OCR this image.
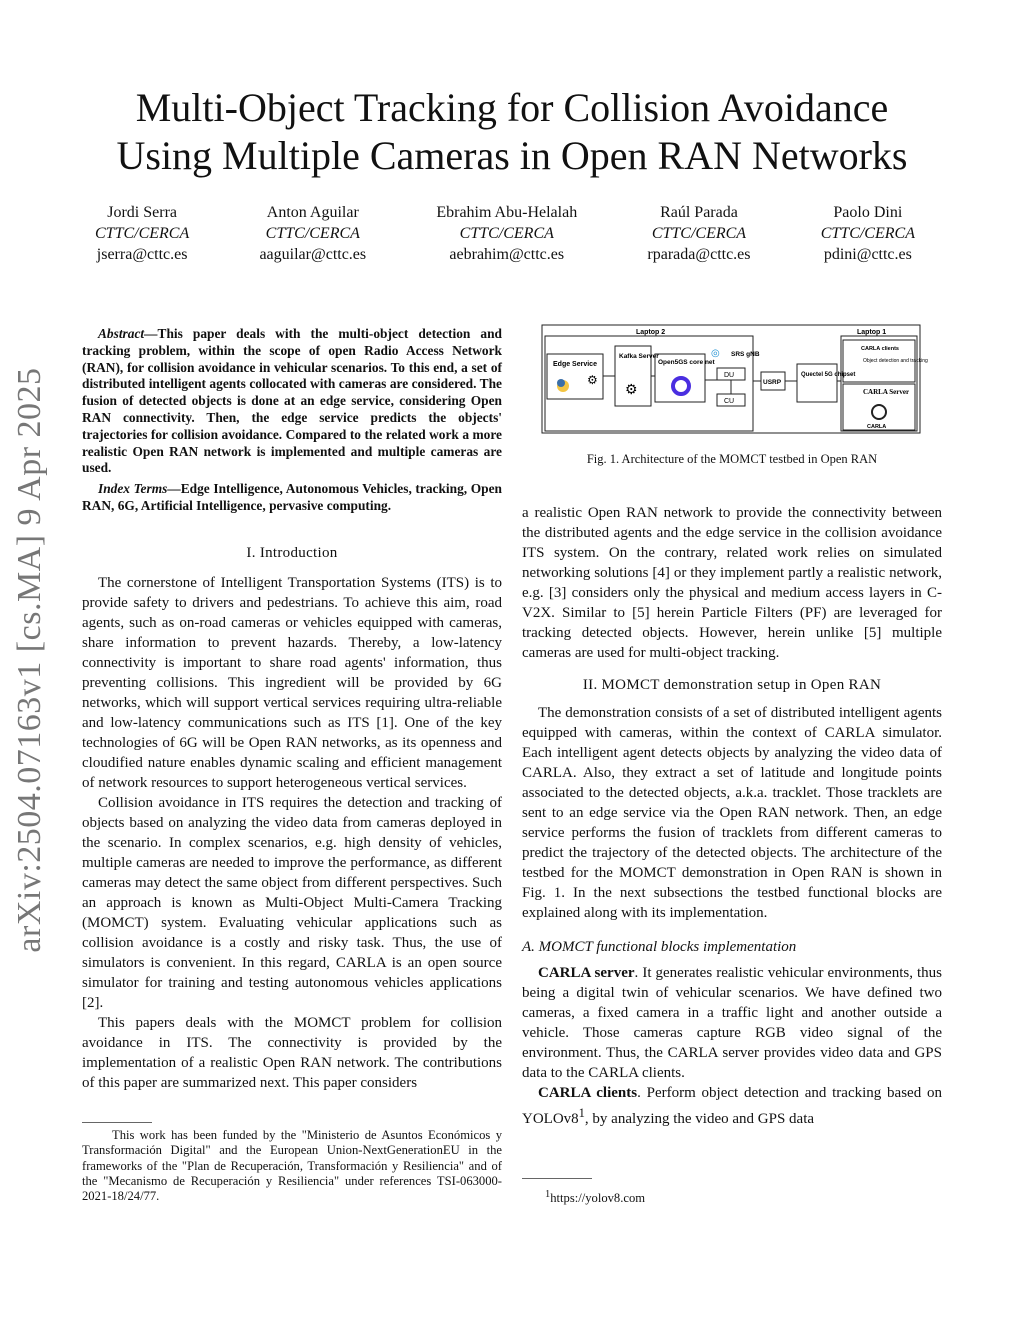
arXiv:2504.07163v1 [cs.MA] 9 Apr 2025
Multi-Object Tracking for Collision Avoidance
Using Multiple Cameras in Open RAN Networks
Jordi Serra
CTTC/CERCA
jserra@cttc.es
Anton Aguilar
CTTC/CERCA
aaguilar@cttc.es
Ebrahim Abu-Helalah
CTTC/CERCA
aebrahim@cttc.es
Raúl Parada
CTTC/CERCA
rparada@cttc.es
Paolo Dini
CTTC/CERCA
pdini@cttc.es

Abstract—This paper deals with the multi-object detection and tracking problem, within the scope of open Radio Access Network (RAN), for collision avoidance in vehicular scenarios. To this end, a set of distributed intelligent agents collocated with cameras are considered. The fusion of detected objects is done at an edge service, considering Open RAN connectivity. Then, the edge service predicts the objects' trajectories for collision avoidance. Compared to the related work a more realistic Open RAN network is implemented and multiple cameras are used.

Index Terms—Edge Intelligence, Autonomous Vehicles, tracking, Open RAN, 6G, Artificial Intelligence, pervasive computing.

I. Introduction

The cornerstone of Intelligent Transportation Systems (ITS) is to provide safety to drivers and pedestrians. To achieve this aim, road agents, such as on-road cameras or vehicles equipped with cameras, share information to prevent hazards. Thereby, a low-latency connectivity is important to share road agents' information, thus preventing collisions. This ingredient will be provided by 6G networks, which will support vertical services requiring ultra-reliable and low-latency communications such as ITS [1]. One of the key technologies of 6G will be Open RAN networks, as its openness and cloudified nature enables dynamic scaling and efficient management of network resources to support heterogeneous vertical services.

Collision avoidance in ITS requires the detection and tracking of objects based on analyzing the video data from cameras deployed in the scenario. In complex scenarios, e.g. high density of vehicles, multiple cameras are needed to improve the performance, as different cameras may detect the same object from different perspectives. Such an approach is known as Multi-Object Multi-Camera Tracking (MOMCT) system. Evaluating vehicular applications such as collision avoidance is a costly and risky task. Thus, the use of simulators is convenient. In this regard, CARLA is an open source simulator for training and testing autonomous vehicles applications [2].

This papers deals with the MOMCT problem for collision avoidance in ITS. The connectivity is provided by the implementation of a realistic Open RAN network. The contributions of this paper are summarized next. This paper considers

This work has been funded by the "Ministerio de Asuntos Económicos y Transformación Digital" and the European Union-NextGenerationEU in the frameworks of the "Plan de Recuperación, Transformación y Resiliencia" and of the "Mecanismo de Recuperación y Resiliencia" under references TSI-063000-2021-18/24/77.

Laptop 2
Edge Service
⚙
Kafka Server
⚙
Open5GS core net
◎ SRS gNB
DU
CU
USRP
Quectel 5G chipset
Laptop 1
CARLA clients
Object detection and tracking
CARLA Server
CARLA
Fig. 1. Architecture of the MOMCT testbed in Open RAN

a realistic Open RAN network to provide the connectivity between the distributed agents and the edge service in the collision avoidance ITS system. On the contrary, related work relies on simulated networking solutions [4] or they implement partly a realistic network, e.g. [3] considers only the physical and medium access layers in C-V2X. Similar to [5] herein Particle Filters (PF) are leveraged for tracking detected objects. However, herein unlike [5] multiple cameras are used for multi-object tracking.

II. MOMCT demonstration setup in Open RAN

The demonstration consists of a set of distributed intelligent agents equipped with cameras, within the context of CARLA simulator. Each intelligent agent detects objects by analyzing the video data of CARLA. Also, they extract a set of latitude and longitude points associated to the detected objects, a.k.a. tracklet. Those tracklets are sent to an edge service via the Open RAN network. Then, an edge service performs the fusion of tracklets from different cameras to predict the trajectory of the detected objects. The architecture of the testbed for the MOMCT demonstration in Open RAN is shown in Fig. 1. In the next subsections the testbed functional blocks are explained along with its implementation.

A. MOMCT functional blocks implementation

CARLA server. It generates realistic vehicular environments, thus being a digital twin of vehicular scenarios. We have defined two cameras, a fixed camera in a traffic light and another outside a vehicle. Those cameras capture RGB video signal of the environment. Thus, the CARLA server provides video data and GPS data to the CARLA clients.

CARLA clients. Perform object detection and tracking based on $YOLOv8^1$, by analyzing the video and GPS data

$^1$https://yolov8.com
